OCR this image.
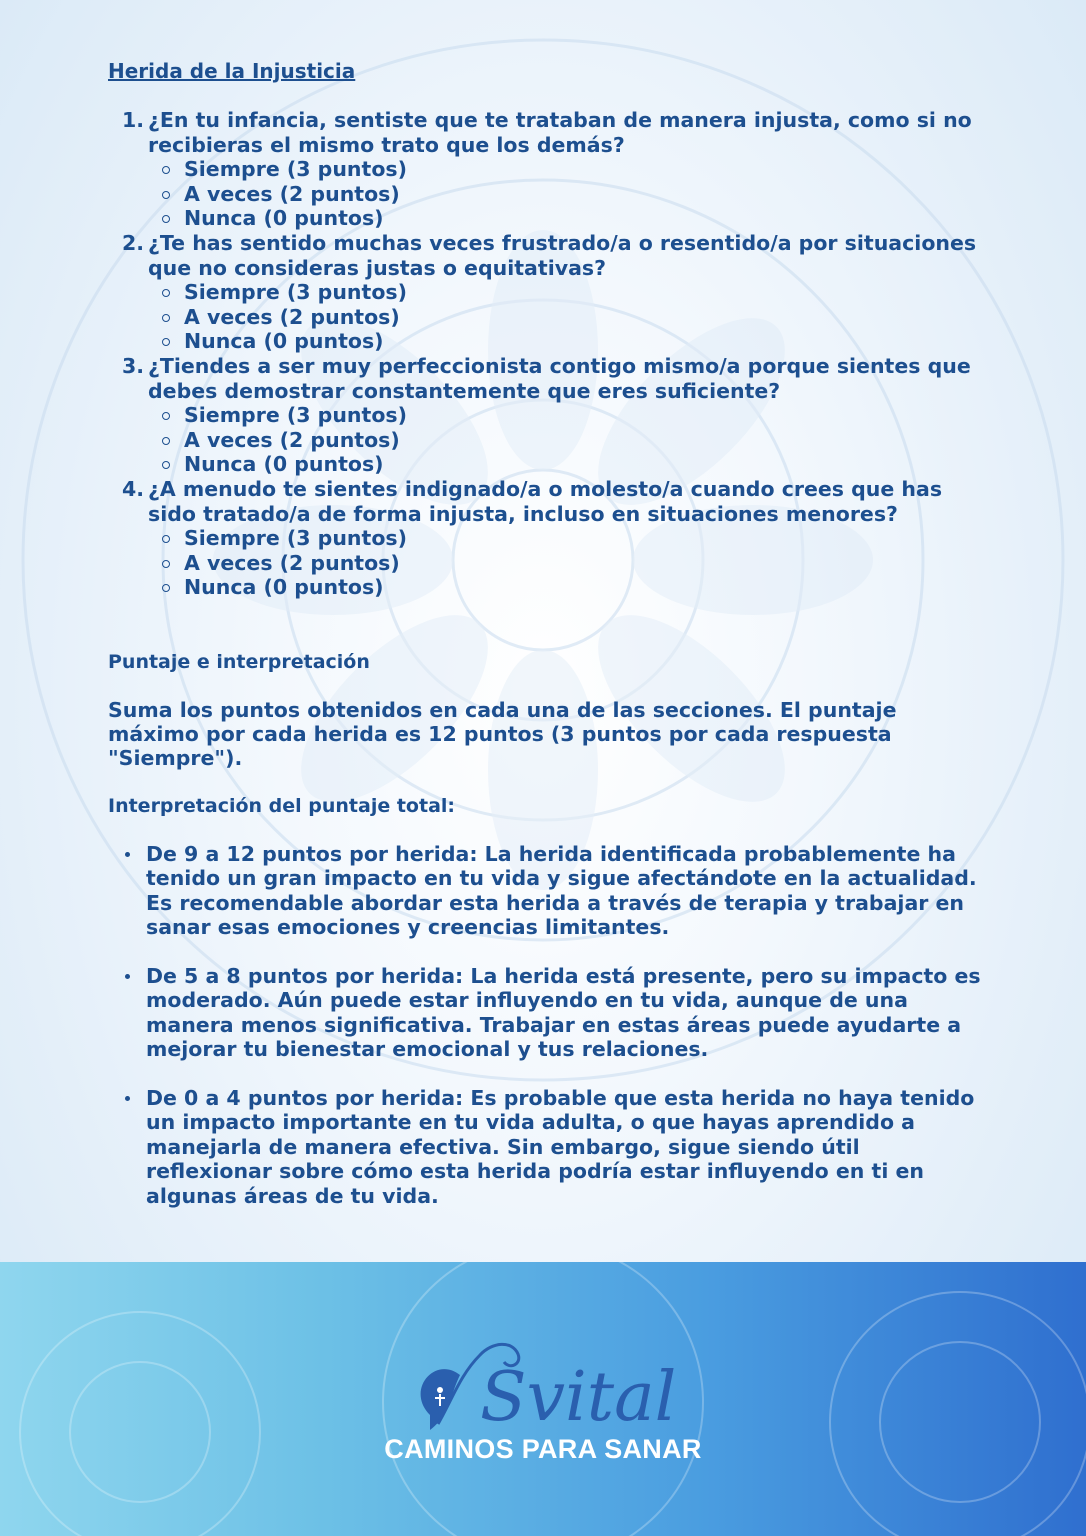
Herida de la Injusticia
¿En tu infancia, sentiste que te trataban de manera injusta, como si no recibieras el mismo trato que los demás?
Siempre (3 puntos)
A veces (2 puntos)
Nunca (0 puntos)
¿Te has sentido muchas veces frustrado/a o resentido/a por situaciones que no consideras justas o equitativas?
Siempre (3 puntos)
A veces (2 puntos)
Nunca (0 puntos)
¿Tiendes a ser muy perfeccionista contigo mismo/a porque sientes que debes demostrar constantemente que eres suficiente?
Siempre (3 puntos)
A veces (2 puntos)
Nunca (0 puntos)
¿A menudo te sientes indignado/a o molesto/a cuando crees que has sido tratado/a de forma injusta, incluso en situaciones menores?
Siempre (3 puntos)
A veces (2 puntos)
Nunca (0 puntos)
Puntaje e interpretación

Suma los puntos obtenidos en cada una de las secciones. El puntaje máximo por cada herida es 12 puntos (3 puntos por cada respuesta "Siempre").

Interpretación del puntaje total:
De 9 a 12 puntos por herida: La herida identificada probablemente ha tenido un gran impacto en tu vida y sigue afectándote en la actualidad. Es recomendable abordar esta herida a través de terapia y trabajar en sanar esas emociones y creencias limitantes.
De 5 a 8 puntos por herida: La herida está presente, pero su impacto es moderado. Aún puede estar influyendo en tu vida, aunque de una manera menos significativa. Trabajar en estas áreas puede ayudarte a mejorar tu bienestar emocional y tus relaciones.
De 0 a 4 puntos por herida: Es probable que esta herida no haya tenido un impacto importante en tu vida adulta, o que hayas aprendido a manejarla de manera efectiva. Sin embargo, sigue siendo útil reflexionar sobre cómo esta herida podría estar influyendo en ti en algunas áreas de tu vida.
Svital
CAMINOS PARA SANAR
